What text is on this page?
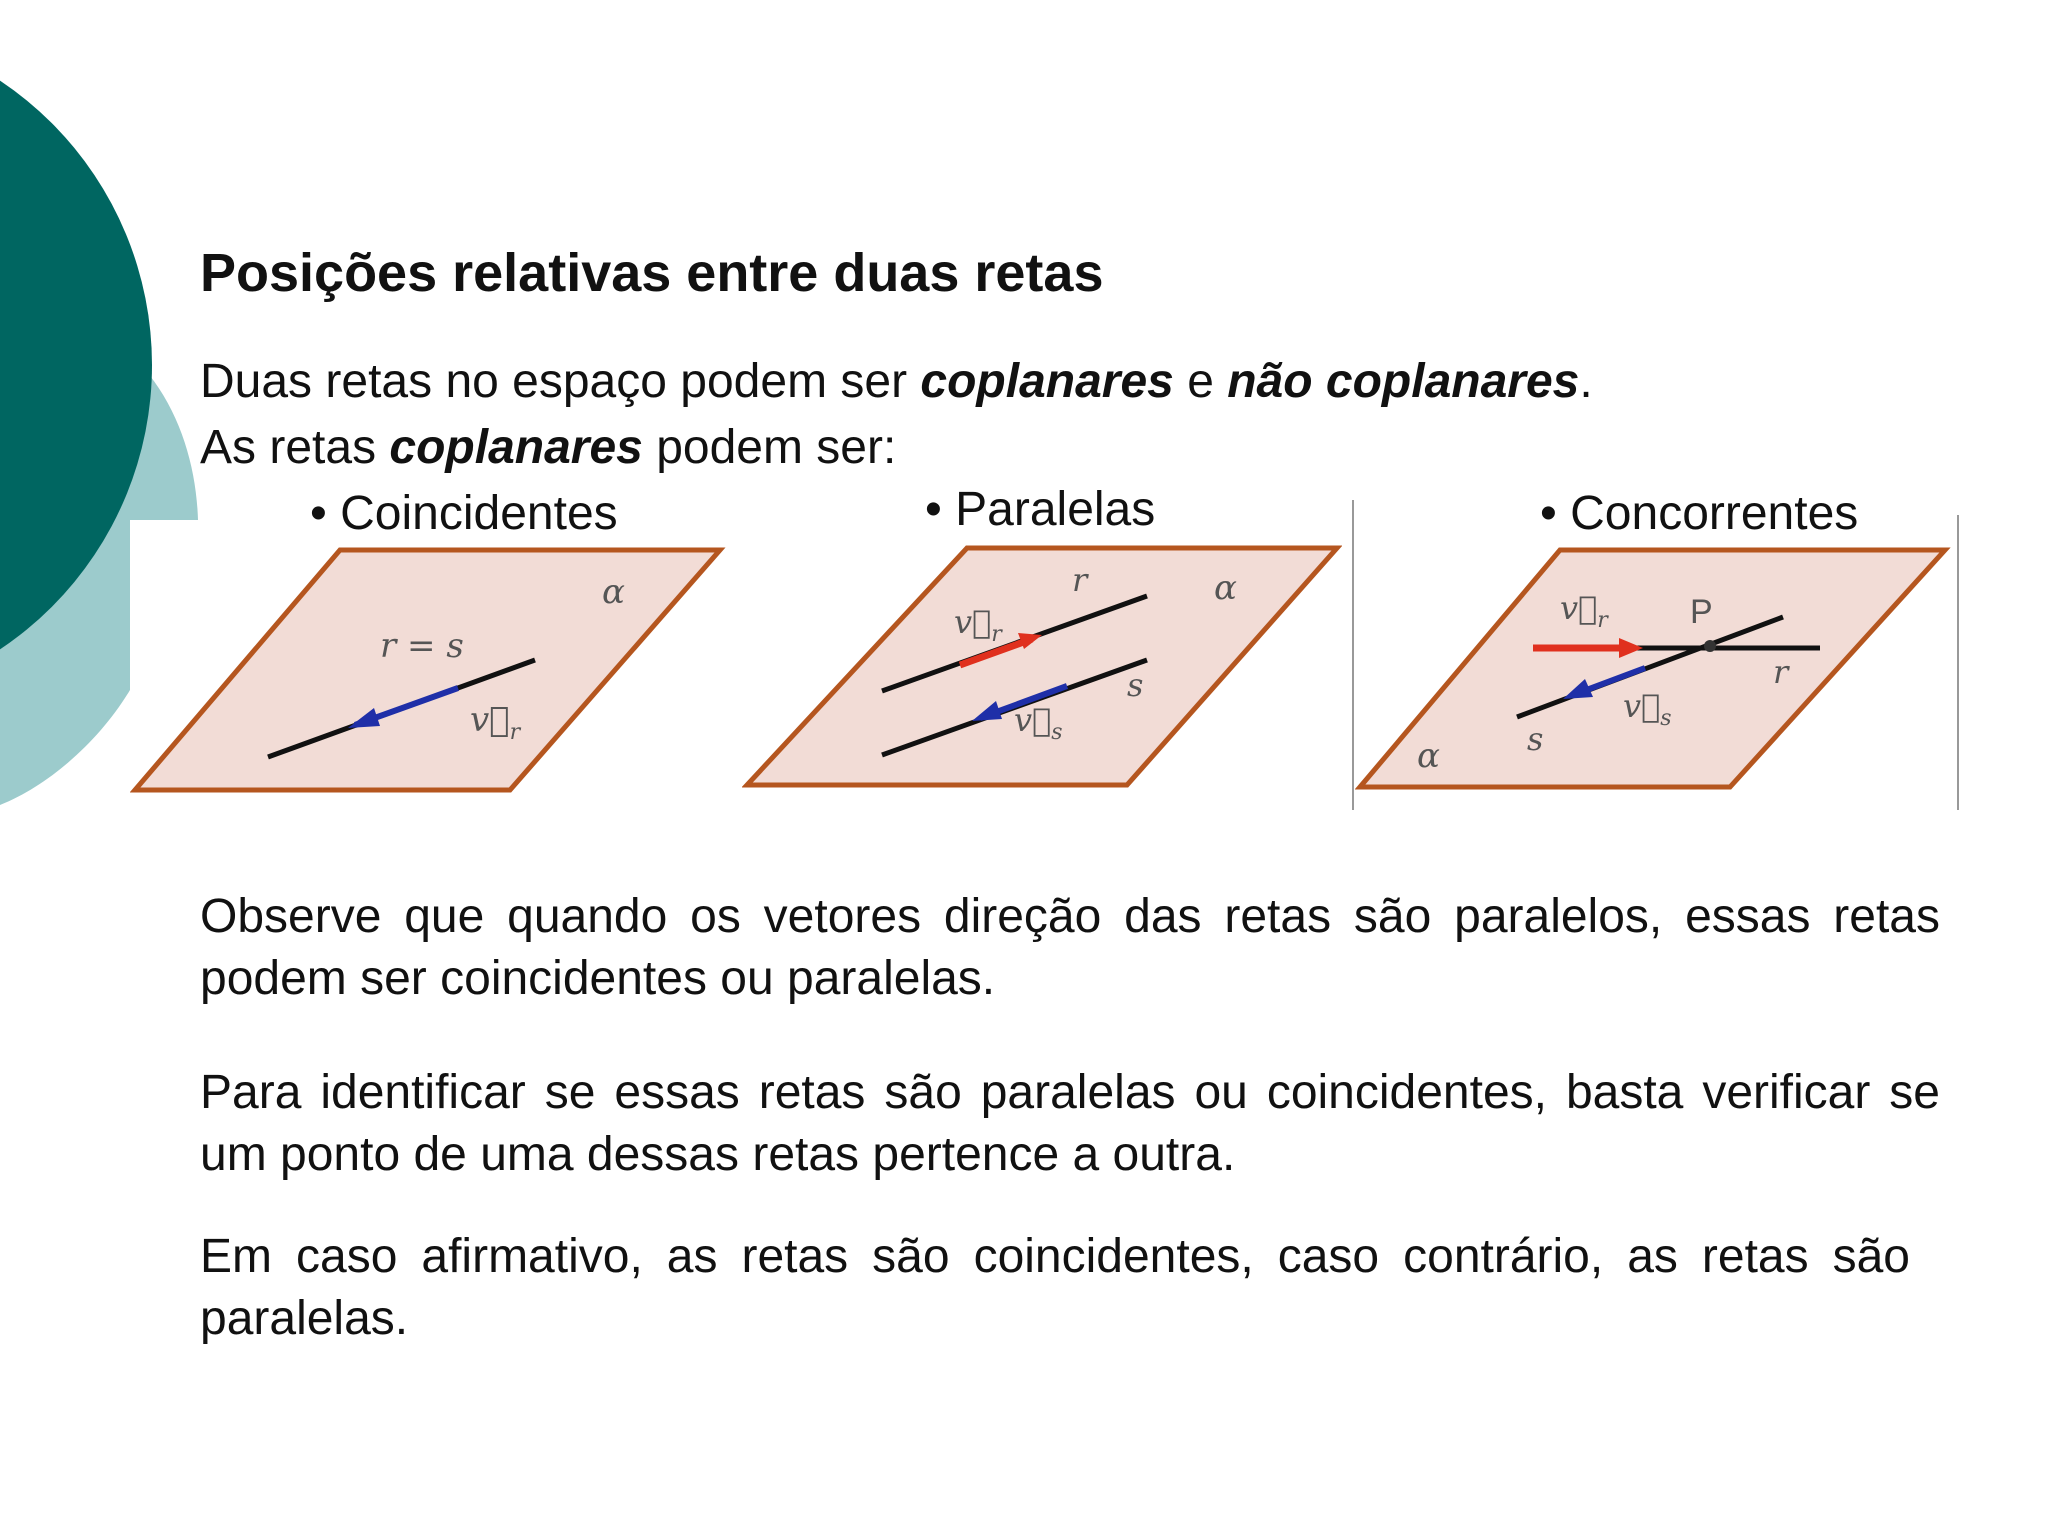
Posições relativas entre duas retas

Duas retas no espaço podem ser coplanares e não coplanares.

As retas coplanares podem ser:

• Coincidentes	• Paralelas	• Concorrentes
α
r = s
$v⃗_r$
α
r
s
$v⃗_r$
$v⃗_s$
P
r
s
α
$v⃗_r$
$v⃗_s$

Observe que quando os vetores direção das retas são paralelos, essas retas podem ser coincidentes ou paralelas.

Para identificar se essas retas são paralelas ou coincidentes, basta verificar se um ponto de uma dessas retas pertence a outra.

Em caso afirmativo, as retas são coincidentes, caso contrário, as retas são paralelas.
